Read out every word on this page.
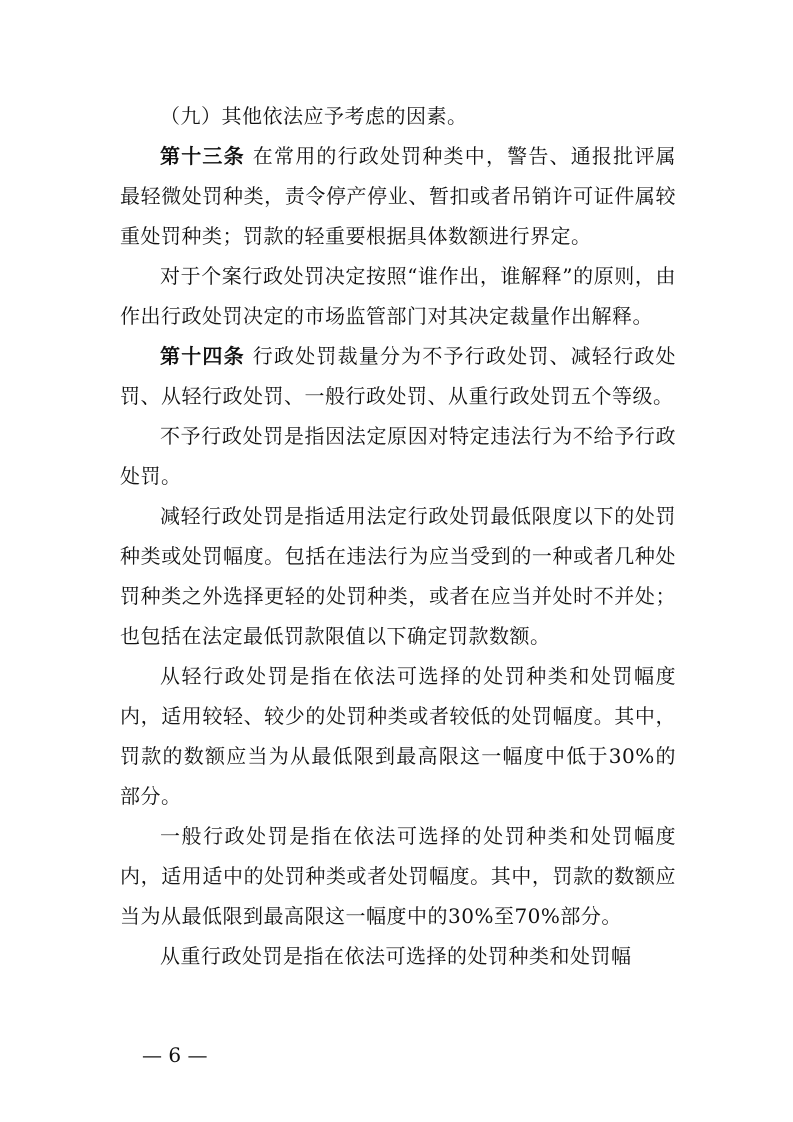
（九）其他依法应予考虑的因素。

第十三条 在常用的行政处罚种类中，警告、通报批评属最轻微处罚种类，责令停产停业、暂扣或者吊销许可证件属较重处罚种类；罚款的轻重要根据具体数额进行界定。

对于个案行政处罚决定按照“谁作出，谁解释”的原则，由作出行政处罚决定的市场监管部门对其决定裁量作出解释。

第十四条 行政处罚裁量分为不予行政处罚、减轻行政处罚、从轻行政处罚、一般行政处罚、从重行政处罚五个等级。

不予行政处罚是指因法定原因对特定违法行为不给予行政处罚。

减轻行政处罚是指适用法定行政处罚最低限度以下的处罚种类或处罚幅度。包括在违法行为应当受到的一种或者几种处罚种类之外选择更轻的处罚种类，或者在应当并处时不并处；也包括在法定最低罚款限值以下确定罚款数额。

从轻行政处罚是指在依法可选择的处罚种类和处罚幅度内，适用较轻、较少的处罚种类或者较低的处罚幅度。其中，罚款的数额应当为从最低限到最高限这一幅度中低于30%的部分。

一般行政处罚是指在依法可选择的处罚种类和处罚幅度内，适用适中的处罚种类或者处罚幅度。其中，罚款的数额应当为从最低限到最高限这一幅度中的30%至70%部分。

从重行政处罚是指在依法可选择的处罚种类和处罚幅

— 6 —
